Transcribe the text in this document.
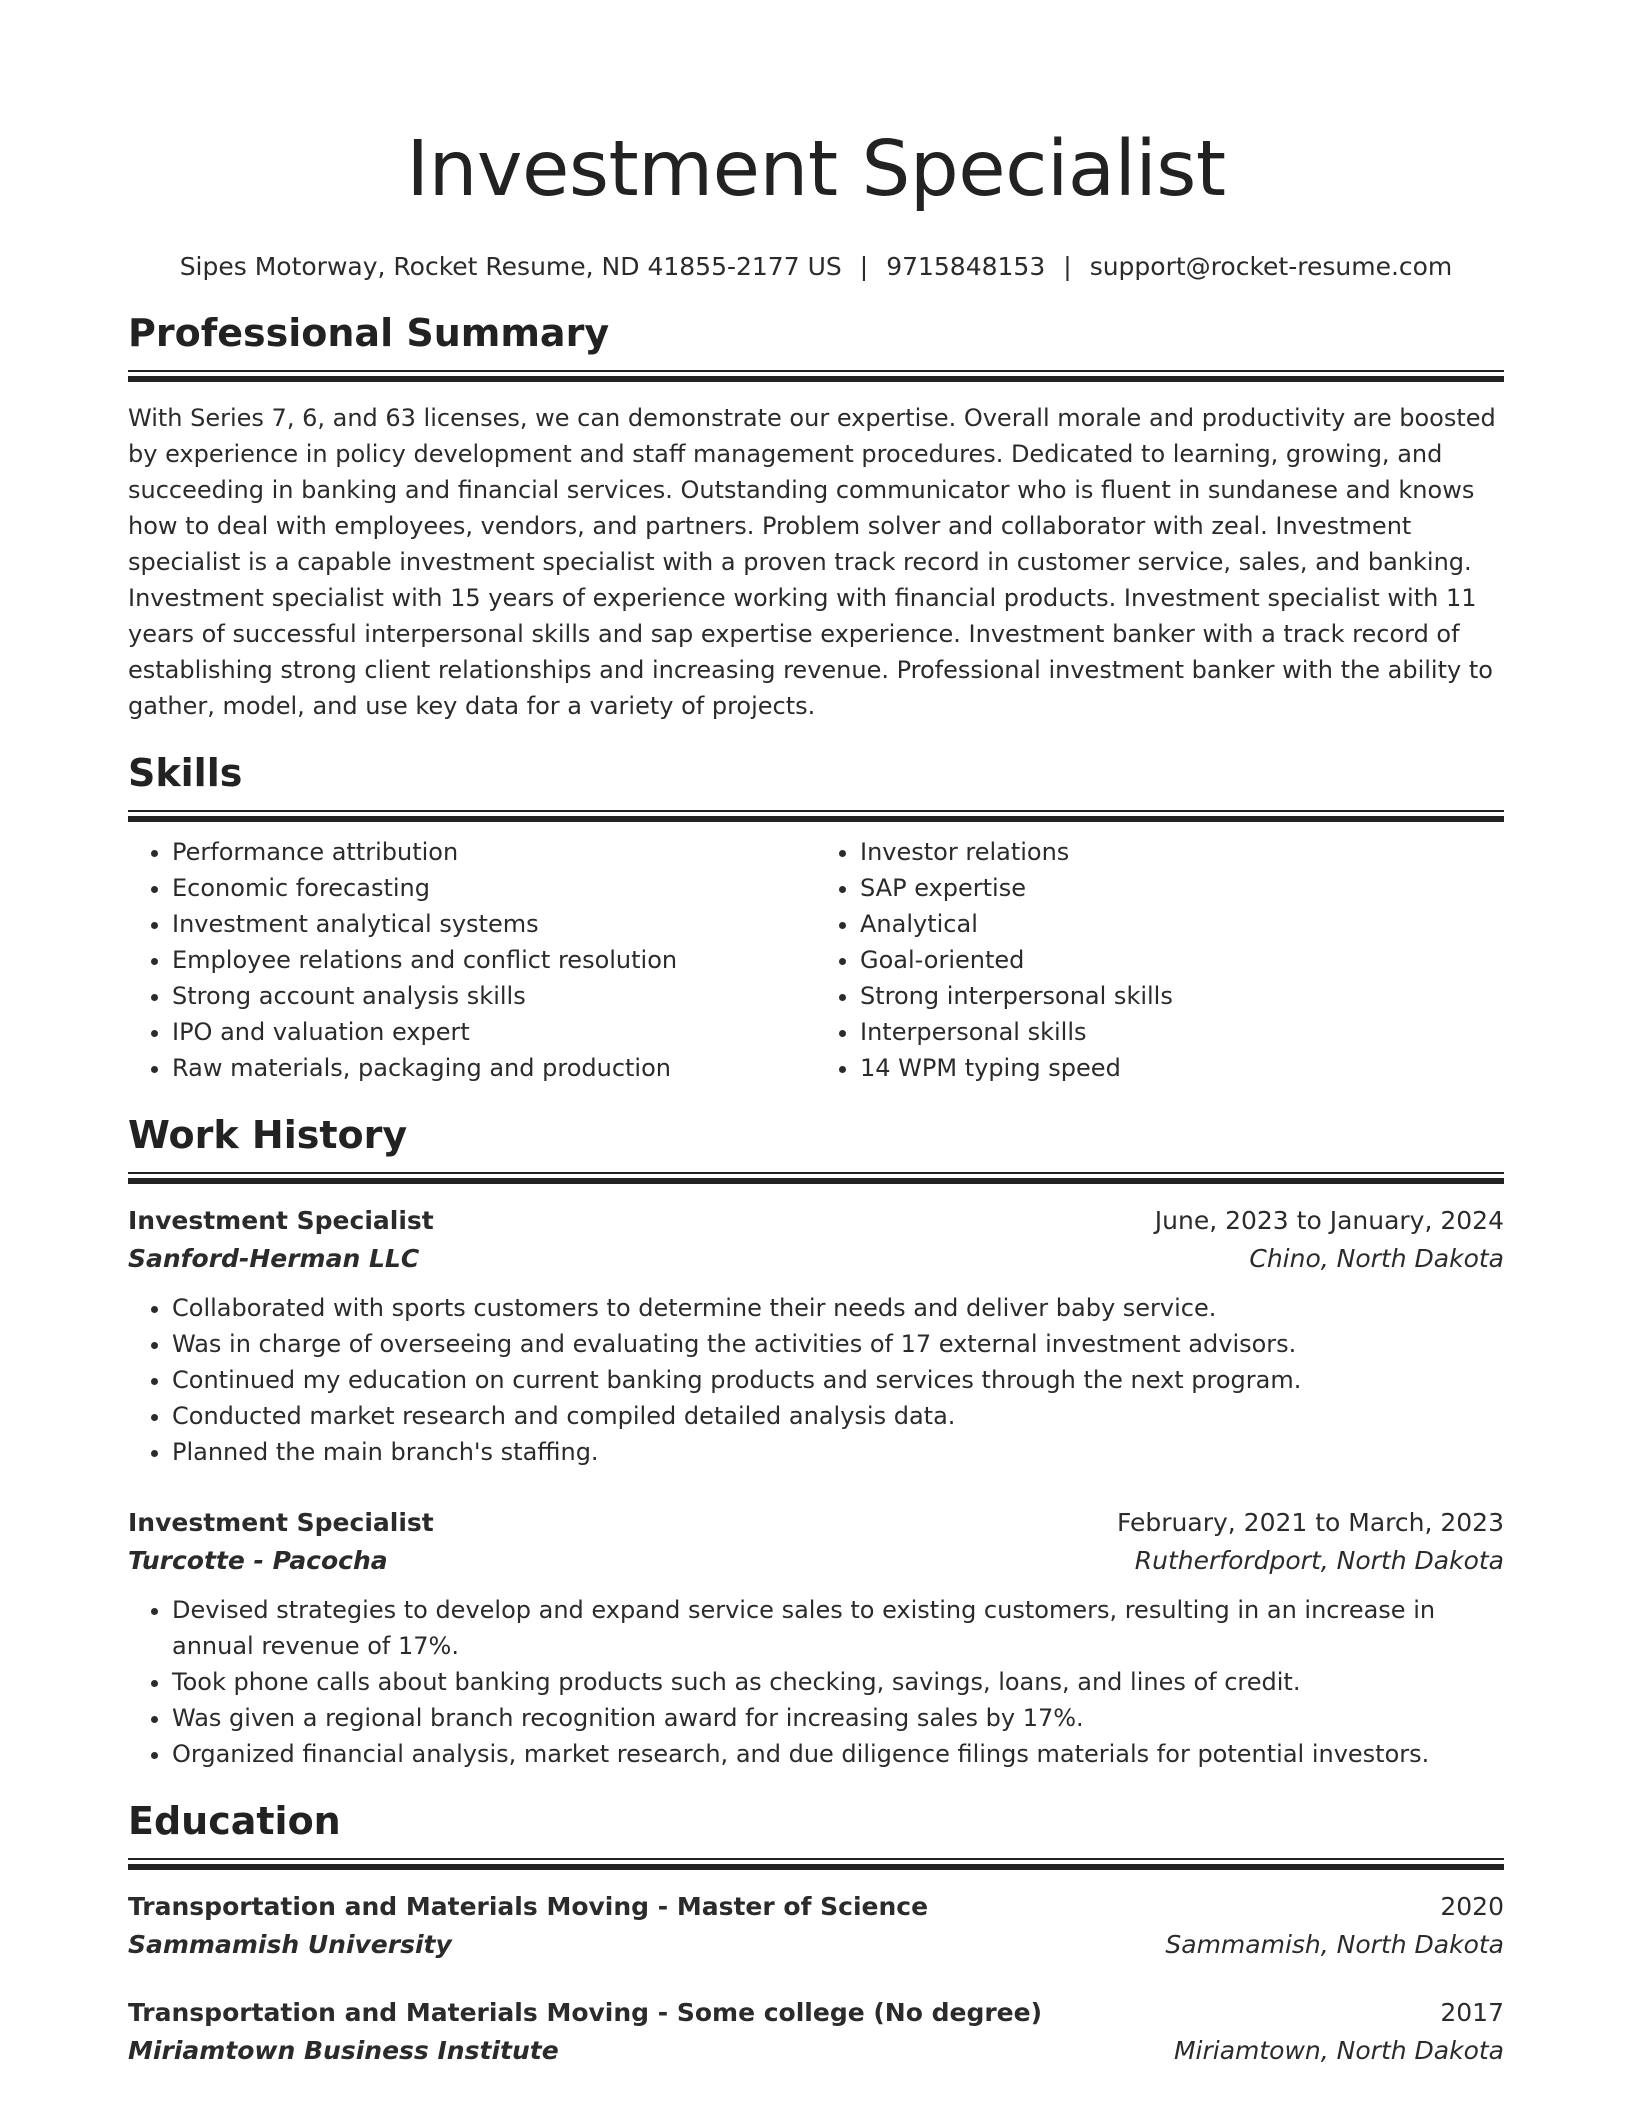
Investment Specialist
Sipes Motorway, Rocket Resume, ND 41855-2177 US | 9715848153 | support@rocket-resume.com
Professional Summary

With Series 7, 6, and 63 licenses, we can demonstrate our expertise. Overall morale and productivity are boosted by experience in policy development and staff management procedures. Dedicated to learning, growing, and succeeding in banking and financial services. Outstanding communicator who is fluent in sundanese and knows how to deal with employees, vendors, and partners. Problem solver and collaborator with zeal. Investment specialist is a capable investment specialist with a proven track record in customer service, sales, and banking. Investment specialist with 15 years of experience working with financial products. Investment specialist with 11 years of successful interpersonal skills and sap expertise experience. Investment banker with a track record of establishing strong client relationships and increasing revenue. Professional investment banker with the ability to gather, model, and use key data for a variety of projects.

Skills
• Performance attribution
• Economic forecasting
• Investment analytical systems
• Employee relations and conflict resolution
• Strong account analysis skills
• IPO and valuation expert
• Raw materials, packaging and production
• Investor relations
• SAP expertise
• Analytical
• Goal-oriented
• Strong interpersonal skills
• Interpersonal skills
• 14 WPM typing speed
Work History
Investment Specialist	June, 2023 to January, 2024
Sanford-Herman LLC	Chino, North Dakota
• Collaborated with sports customers to determine their needs and deliver baby service.
• Was in charge of overseeing and evaluating the activities of 17 external investment advisors.
• Continued my education on current banking products and services through the next program.
• Conducted market research and compiled detailed analysis data.
• Planned the main branch's staffing.
Investment Specialist	February, 2021 to March, 2023
Turcotte - Pacocha	Rutherfordport, North Dakota
• Devised strategies to develop and expand service sales to existing customers, resulting in an increase in annual revenue of 17%.
• Took phone calls about banking products such as checking, savings, loans, and lines of credit.
• Was given a regional branch recognition award for increasing sales by 17%.
• Organized financial analysis, market research, and due diligence filings materials for potential investors.
Education
Transportation and Materials Moving - Master of Science	2020
Sammamish University	Sammamish, North Dakota
Transportation and Materials Moving - Some college (No degree)	2017
Miriamtown Business Institute	Miriamtown, North Dakota
